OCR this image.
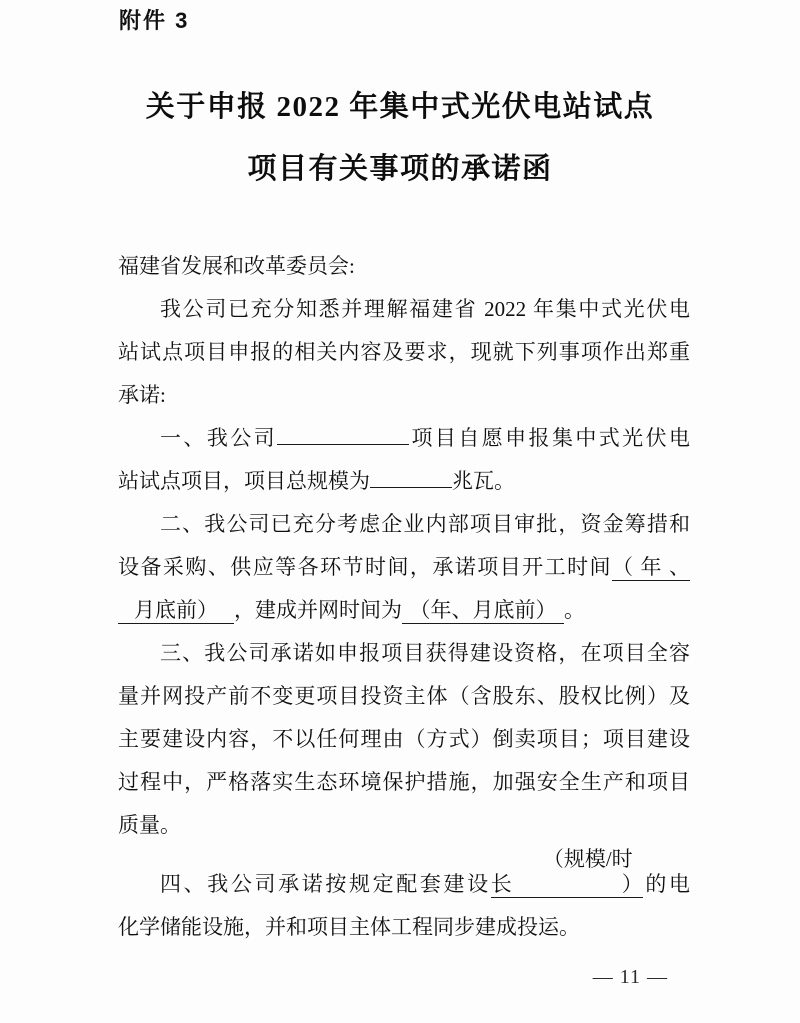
附件 3
关于申报 2022 年集中式光伏电站试点
项目有关事项的承诺函
福建省发展和改革委员会:
我公司已充分知悉并理解福建省 2022 年集中式光伏电
站试点项目申报的相关内容及要求，现就下列事项作出郑重
承诺:
一、我公司	项目自愿申报集中式光伏电
站试点项目，项目总规模为	兆瓦。
二、我公司已充分考虑企业内部项目审批，资金筹措和
设备采购、供应等各环节时间，承诺项目开工时间（年、
月底前） ，建成并网时间为 （年、月底前） 。
三、我公司承诺如申报项目获得建设资格，在项目全容
量并网投产前不变更项目投资主体（含股东、股权比例）及
主要建设内容，不以任何理由（方式）倒卖项目；项目建设
过程中，严格落实生态环境保护措施，加强安全生产和项目
质量。
四、我公司承诺按规定配套建设（规模/时长）的电
化学储能设施，并和项目主体工程同步建成投运。
— 11 —
